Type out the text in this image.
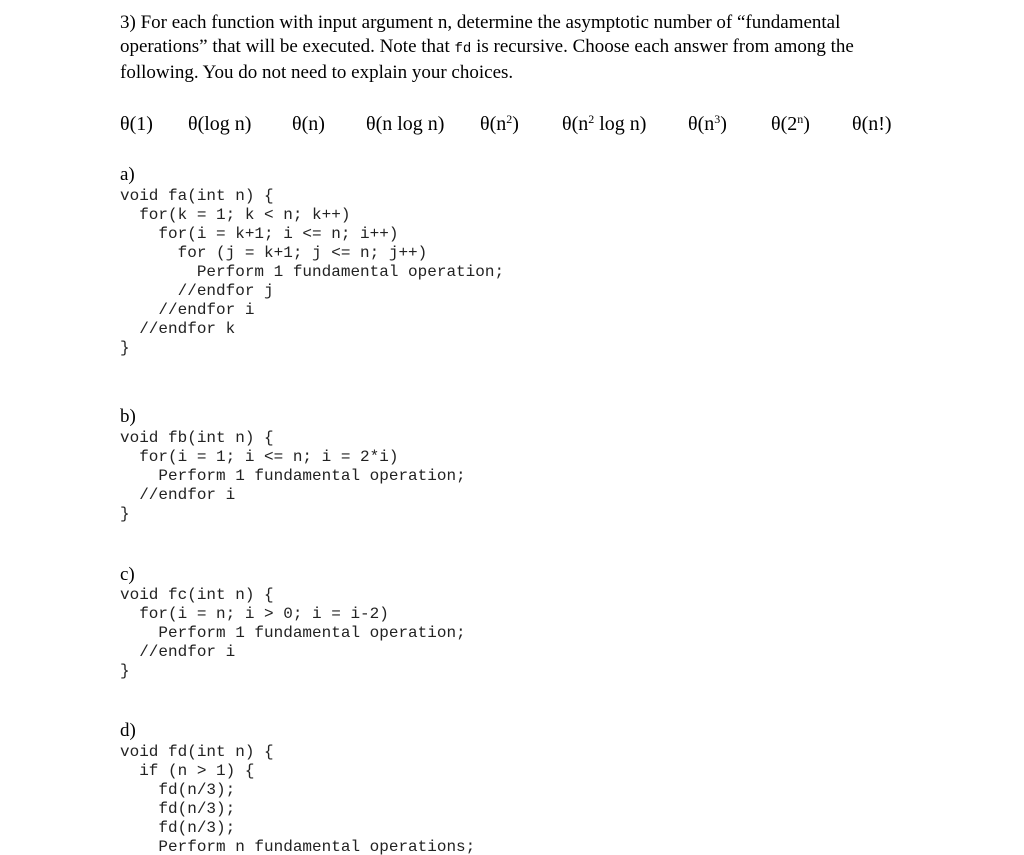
3) For each function with input argument n, determine the asymptotic number of “fundamental
operations” that will be executed. Note that fd is recursive. Choose each answer from among the
following. You do not need to explain your choices.
θ(1) θ(log n) θ(n) θ(n log n) $\theta(n^2)$ $\theta(n^2$ log n) $\theta(n^3)$ θ(2$^n$) θ(n!)
a)
void fa(int n) {
for(k = 1; k < n; k++)
for(i = k+1; i <= n; i++)
for (j = k+1; j <= n; j++)
Perform 1 fundamental operation;
//endfor j
//endfor i
//endfor k
}
b)
void fb(int n) {
for(i = 1; i <= n; i = 2*i)
Perform 1 fundamental operation;
//endfor i
}
c)
void fc(int n) {
for(i = n; i > 0; i = i-2)
Perform 1 fundamental operation;
//endfor i
}
d)
void fd(int n) {
if (n > 1) {
fd(n/3);
fd(n/3);
fd(n/3);
Perform n fundamental operations;
